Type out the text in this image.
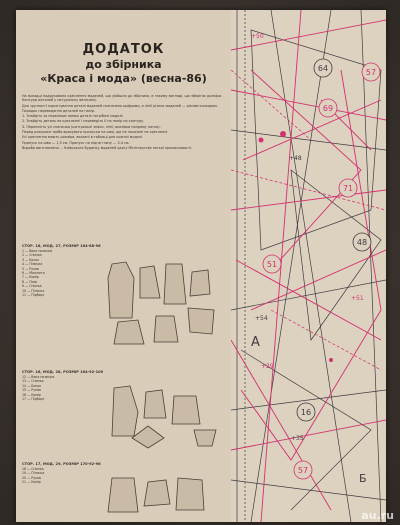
ДОДАТОК
до збірника
«Краса і мода» (весна-86)

На вкладці надруковано креслення моделей, що увійшли до збірника, в такому вигляді, що зберігає розміри. Контури деталей у натуральну величину.

Для зручності користування деталі моделей позначено цифрами, а лінії різних моделей — різним кольором.

Порядок переведення деталей на папір.

1. Знайдіть за переліком номер деталі потрібної моделі.

2. Знайдіть деталь на кресленні і переведіть її на папір по контуру.

3. Перенесіть усі позначки (контрольні знаки, лінії, вказівки напряму нитки).

Перед розкроєм треба врахувати припуски на шви, що не показані на кресленні.

Усі креслення мають розміри, вказані в таблиці для кожної моделі.

Припуск на шви — 1,5 см. Припуск на підгин низу — 3-4 см.

Вироби виготовлено ... Київського будинку моделей одягу Міністерства легкої промисловості.

СТОР. 16, МОД. 27, РОЗМІР 164-88-96
1 — Верх полички
2 — Спинка
3 — Бочок
4 — Пілочка
5 — Рукав
6 — Манжета
7 — Комір
8 — Пояс
9 — Спинка
10 — Пілочка
11 — Підборт
СТОР. 16, МОД. 28, РОЗМІР 164-92-100
12 — Верх полички
13 — Спинка
14 — Бочок
15 — Рукав
16 — Комір
17 — Підборт
СТОР. 17, МОД. 29, РОЗМІР 170-92-96
18 — Спинка
19 — Пілочка
20 — Рукав
21 — Комір
64	57
69
71
48
51
16
57
+50
+48
+54
+29
+51
+35
А
Б
au.ru
